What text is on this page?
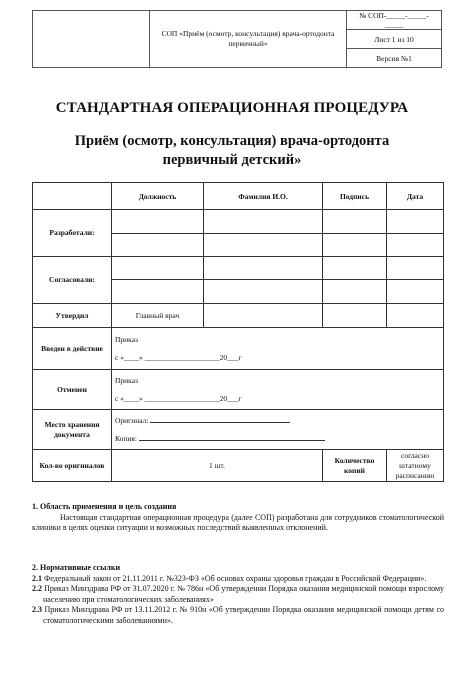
	СОП «Приём (осмотр, консультация) врача-ортодонта первичный»	№ СОП-_____-_____-_____
Лист 1 из 10
Версия №1
СТАНДАРТНАЯ ОПЕРАЦИОННАЯ ПРОЦЕДУРА
Приём (осмотр, консультация) врача-ортодонта
первичный детский»
	Должность	Фамилия И.О.	Подпись	Дата
Разработали:				

Согласовали:				

Утвердил	Главный врач			
Введен в действие	Приказ
с «____» ____________________20___г			

Отменен	Приказ
с «____» ____________________20___г			

Место хранения документа	Оригинал:
Копия:			

Кол-во оригиналов	1 шт.		Количество копий	согласно штатному расписанию
1. Область применения и цель создания
Настоящая стандартная операционная процедура (далее СОП) разработана для сотрудников стоматологической клиники в целях оценки ситуации и возможных последствий выявленных отклонений.
2. Нормативные ссылки
2.1 Федеральный закон от 21.11.2011 г. №323-ФЗ «Об основах охраны здоровья граждан в Российской Федерации».
2.2 Приказ Минздрава РФ от 31.07.2020 г. № 786н «Об утверждении Порядка оказания медицинской помощи взрослому населению при стоматологических заболеваниях»
2.3 Приказ Минздрава РФ от 13.11.2012 г. № 910н «Об утверждении Порядка оказания медицинской помощи детям со стоматологическими заболеваниями».
